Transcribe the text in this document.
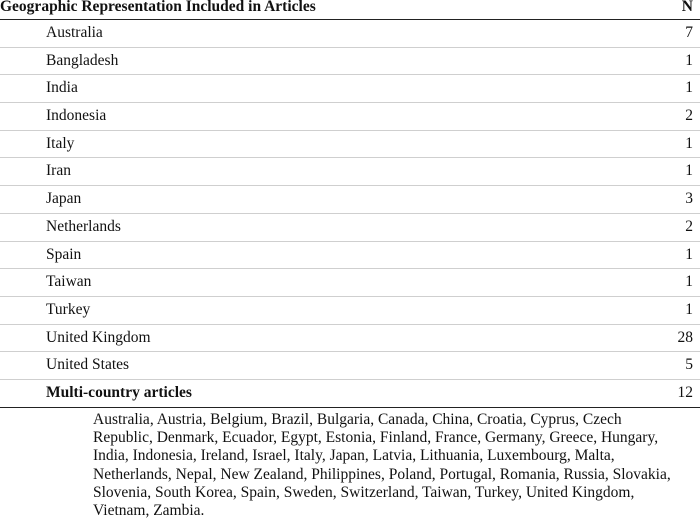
Geographic Representation Included in Articles	N
Australia	7
Bangladesh	1
India	1
Indonesia	2
Italy	1
Iran	1
Japan	3
Netherlands	2
Spain	1
Taiwan	1
Turkey	1
United Kingdom	28
United States	5
Multi-country articles	12
Australia, Austria, Belgium, Brazil, Bulgaria, Canada, China, Croatia, Cyprus, Czech Republic, Denmark, Ecuador, Egypt, Estonia, Finland, France, Germany, Greece, Hungary, India, Indonesia, Ireland, Israel, Italy, Japan, Latvia, Lithuania, Luxembourg, Malta, Netherlands, Nepal, New Zealand, Philippines, Poland, Portugal, Romania, Russia, Slovakia, Slovenia, South Korea, Spain, Sweden, Switzerland, Taiwan, Turkey, United Kingdom, Vietnam, Zambia.
